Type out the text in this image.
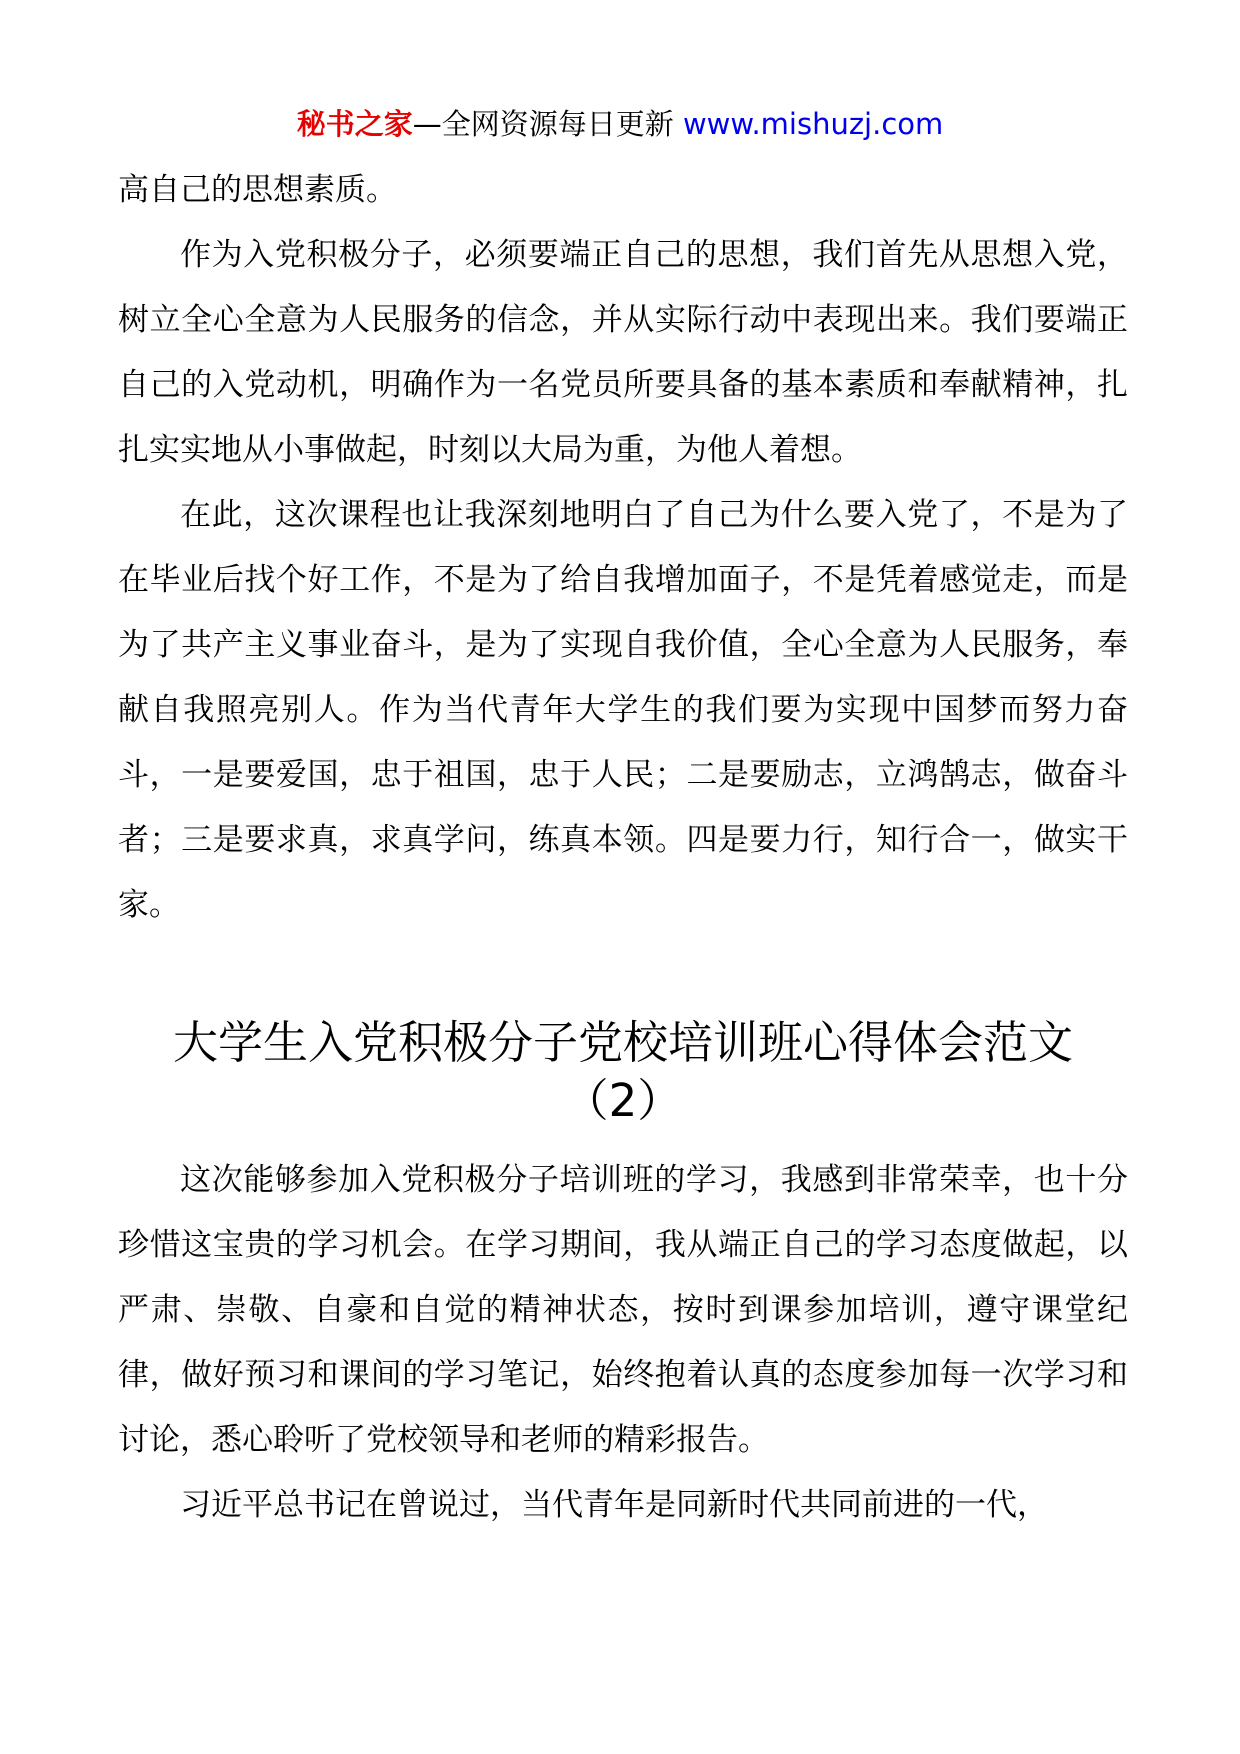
秘书之家—全网资源每日更新 www.mishuzj.com

高自己的思想素质。

作为入党积极分子，必须要端正自己的思想，我们首先从思想入党，树立全心全意为人民服务的信念，并从实际行动中表现出来。我们要端正自己的入党动机，明确作为一名党员所要具备的基本素质和奉献精神，扎扎实实地从小事做起，时刻以大局为重，为他人着想。

在此，这次课程也让我深刻地明白了自己为什么要入党了，不是为了在毕业后找个好工作，不是为了给自我增加面子，不是凭着感觉走，而是为了共产主义事业奋斗，是为了实现自我价值，全心全意为人民服务，奉献自我照亮别人。作为当代青年大学生的我们要为实现中国梦而努力奋斗，一是要爱国，忠于祖国，忠于人民；二是要励志，立鸿鹄志，做奋斗者；三是要求真，求真学问，练真本领。四是要力行，知行合一，做实干家。

大学生入党积极分子党校培训班心得体会范文
（2）

这次能够参加入党积极分子培训班的学习，我感到非常荣幸，也十分珍惜这宝贵的学习机会。在学习期间，我从端正自己的学习态度做起，以严肃、崇敬、自豪和自觉的精神状态，按时到课参加培训，遵守课堂纪律，做好预习和课间的学习笔记，始终抱着认真的态度参加每一次学习和讨论，悉心聆听了党校领导和老师的精彩报告。

习近平总书记在曾说过，当代青年是同新时代共同前进的一代，
